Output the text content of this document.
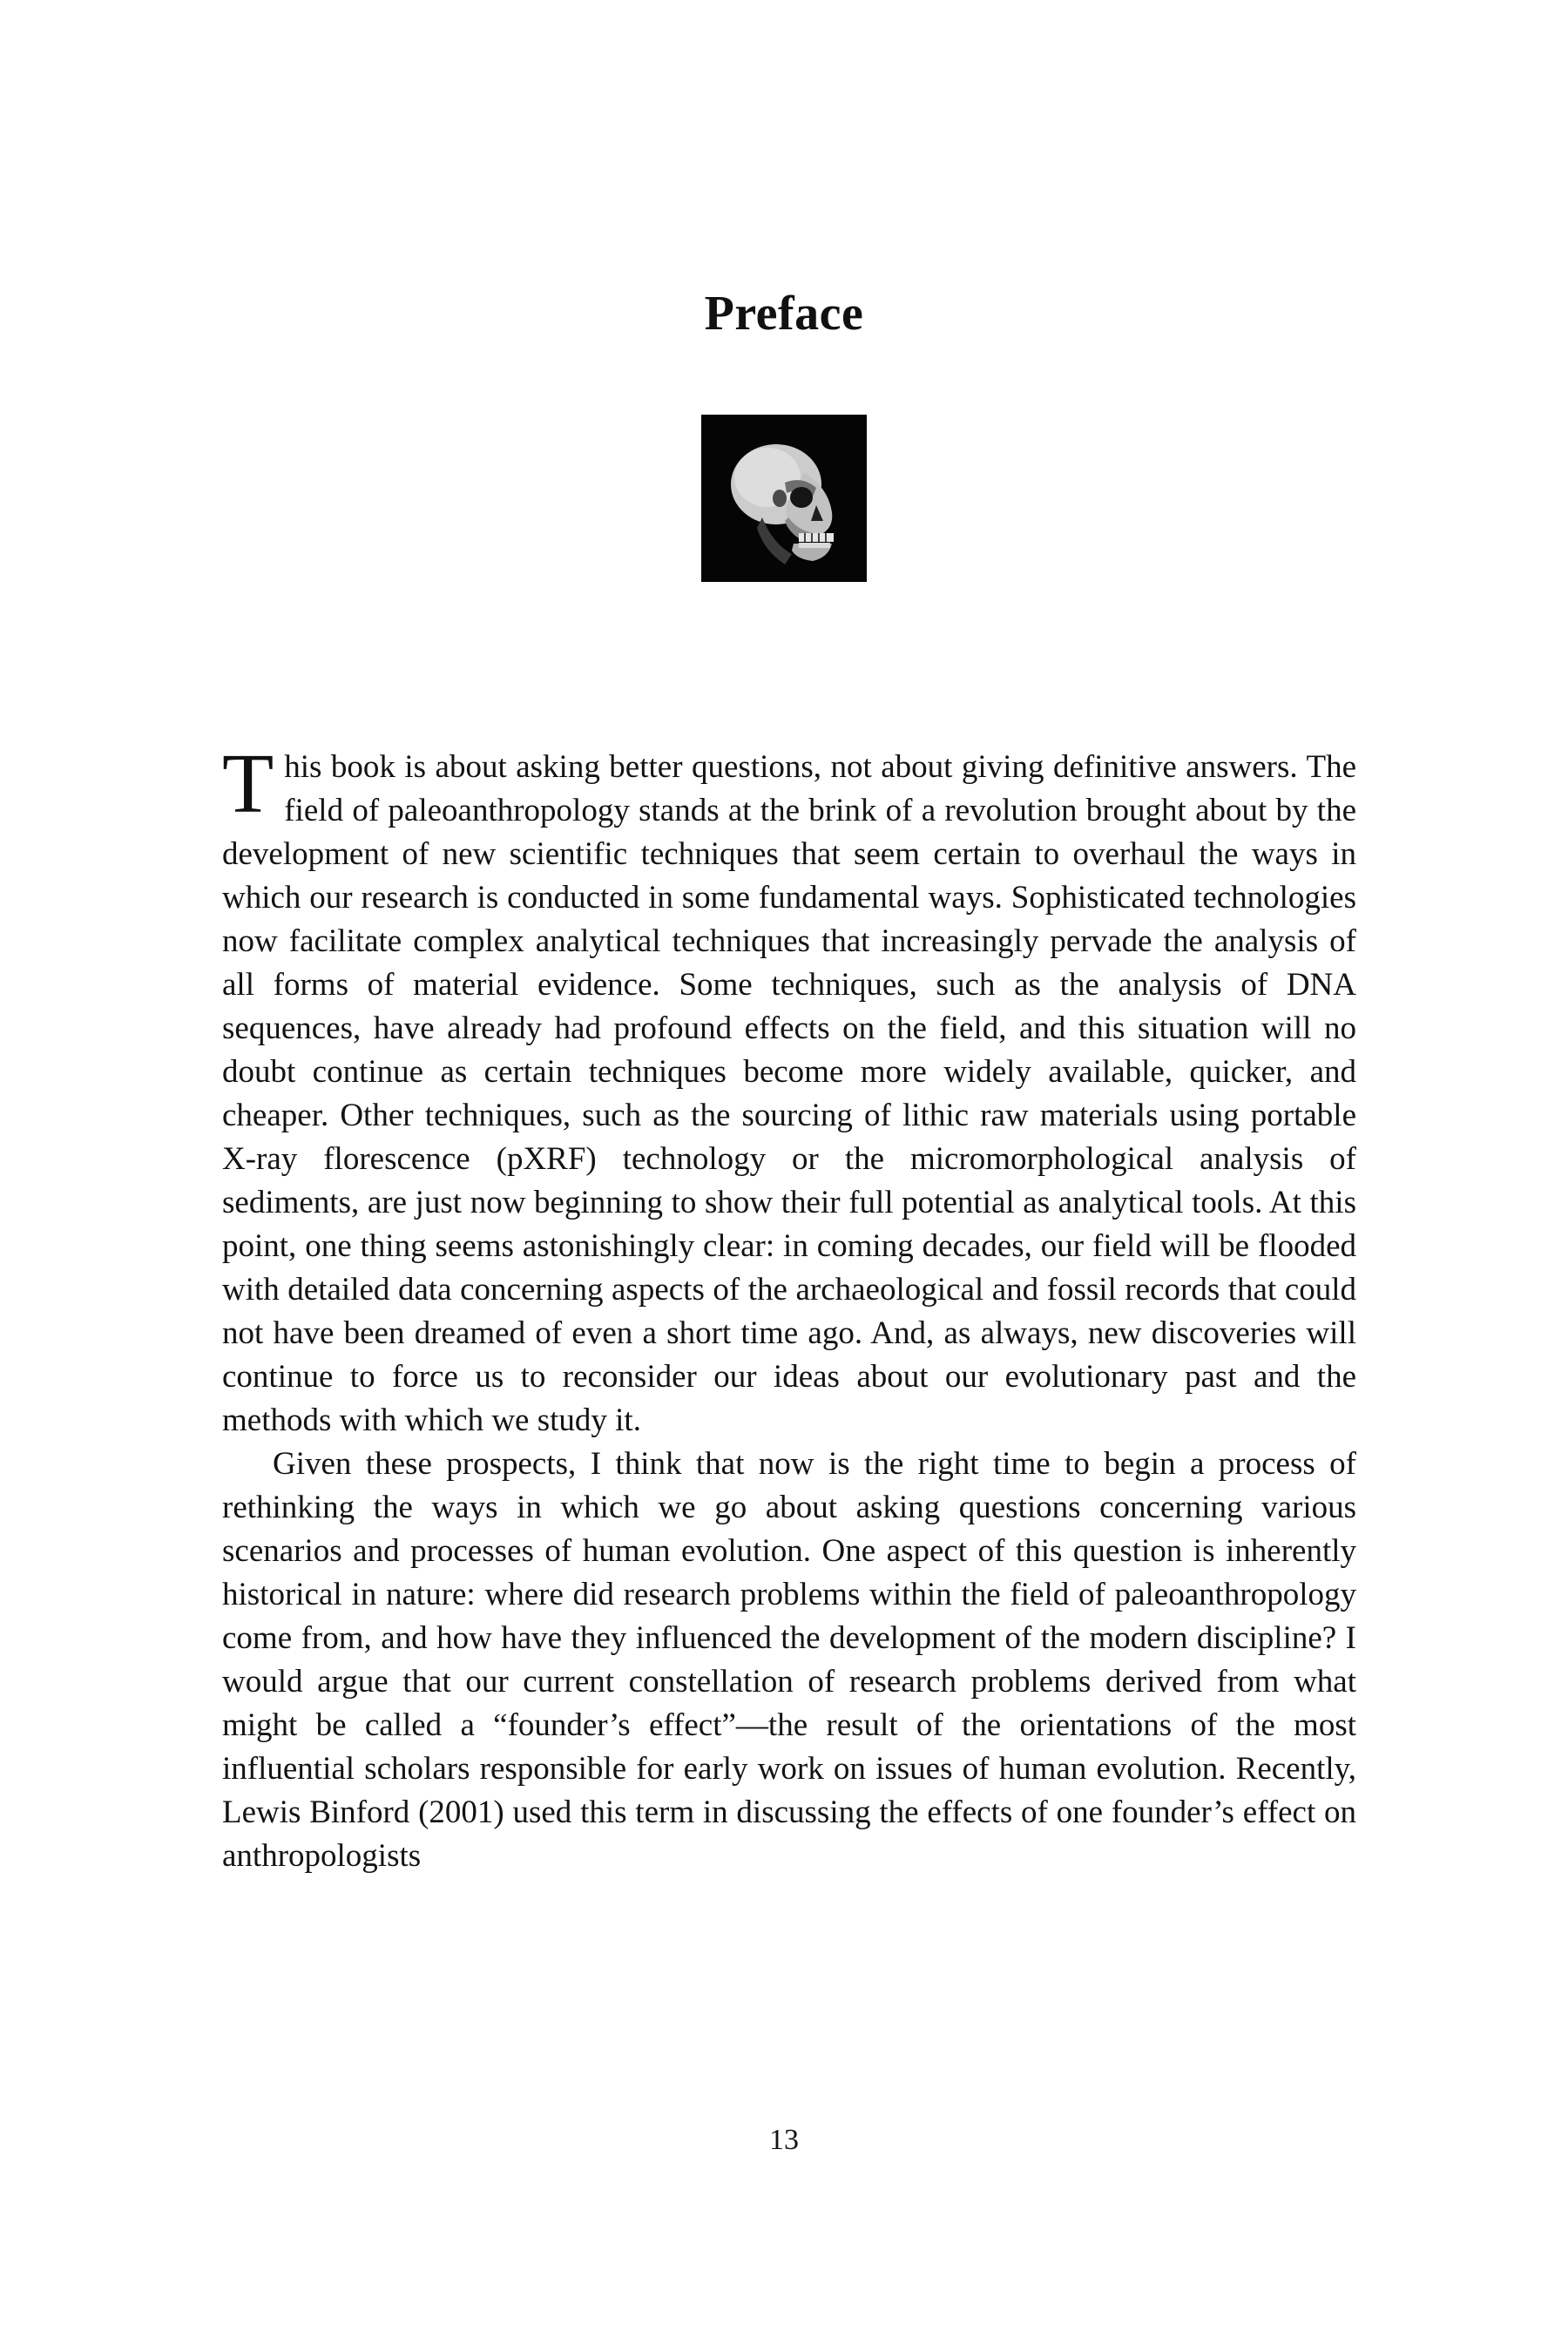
Preface

This book is about asking better questions, not about giving definitive answers. The field of paleoanthropology stands at the brink of a revolution brought about by the development of new scientific techniques that seem certain to overhaul the ways in which our research is conducted in some fundamental ways. Sophisticated technologies now facilitate complex analytical techniques that increasingly pervade the analysis of all forms of material evidence. Some techniques, such as the analysis of DNA sequences, have already had profound effects on the field, and this situation will no doubt continue as certain techniques become more widely available, quicker, and cheaper. Other techniques, such as the sourcing of lithic raw materials using portable X-ray florescence (pXRF) technology or the micromorphological analysis of sediments, are just now beginning to show their full potential as analytical tools. At this point, one thing seems astonishingly clear: in coming decades, our field will be flooded with detailed data concerning aspects of the archaeological and fossil records that could not have been dreamed of even a short time ago. And, as always, new discoveries will continue to force us to reconsider our ideas about our evolutionary past and the methods with which we study it.

Given these prospects, I think that now is the right time to begin a process of rethinking the ways in which we go about asking questions concerning various scenarios and processes of human evolution. One aspect of this question is inherently historical in nature: where did research problems within the field of paleoanthropology come from, and how have they influenced the development of the modern discipline? I would argue that our current constellation of research problems derived from what might be called a “founder’s effect”—the result of the orientations of the most influential scholars responsible for early work on issues of human evolution. Recently, Lewis Binford (2001) used this term in discussing the effects of one founder’s effect on anthropologists

13
